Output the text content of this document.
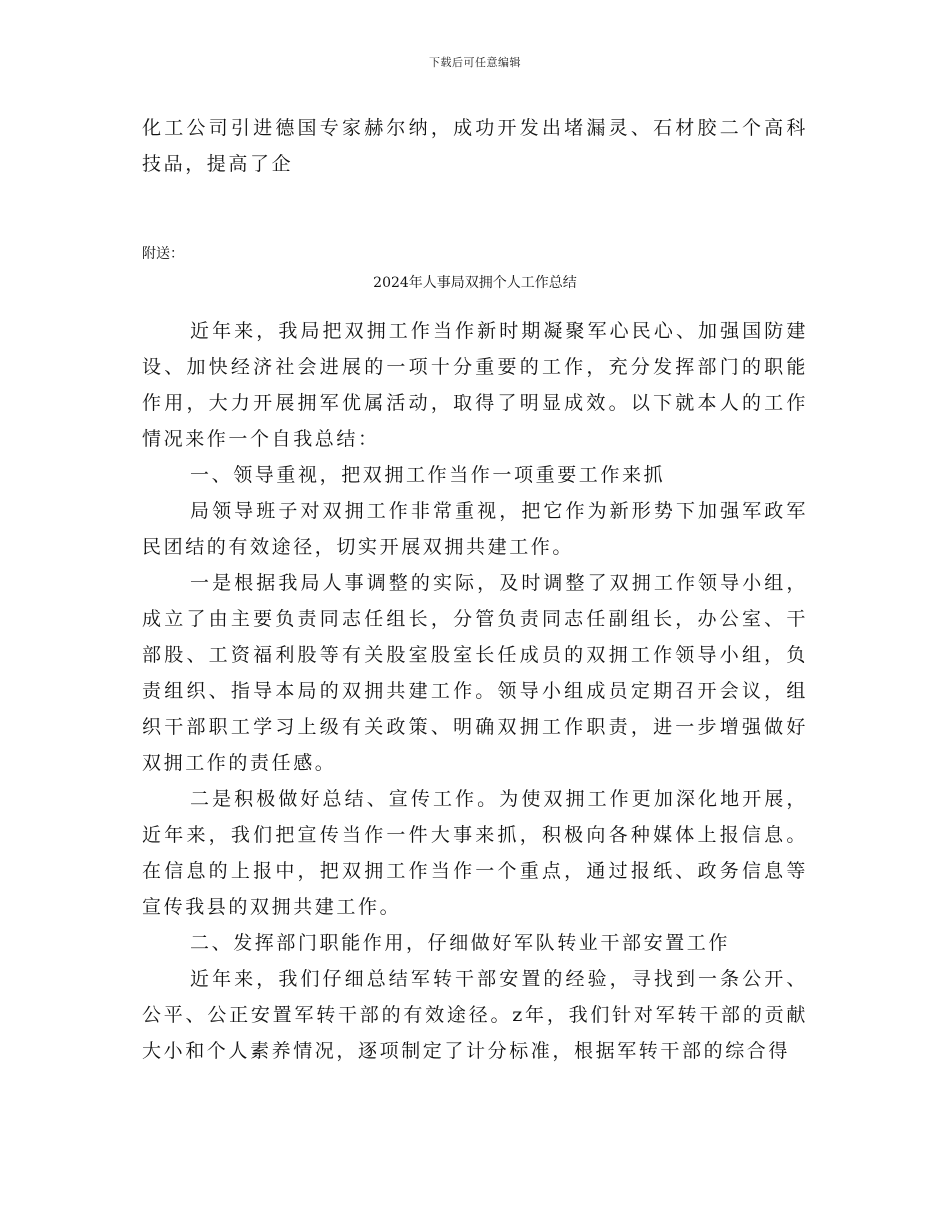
下载后可任意编辑

化工公司引进德国专家赫尔纳，成功开发出堵漏灵、石材胶二个高科技品，提高了企

附送：

2024年人事局双拥个人工作总结

近年来，我局把双拥工作当作新时期凝聚军心民心、加强国防建设、加快经济社会进展的一项十分重要的工作，充分发挥部门的职能作用，大力开展拥军优属活动，取得了明显成效。以下就本人的工作情况来作一个自我总结：

一、领导重视，把双拥工作当作一项重要工作来抓

局领导班子对双拥工作非常重视，把它作为新形势下加强军政军民团结的有效途径，切实开展双拥共建工作。

一是根据我局人事调整的实际，及时调整了双拥工作领导小组，成立了由主要负责同志任组长，分管负责同志任副组长，办公室、干部股、工资福利股等有关股室股室长任成员的双拥工作领导小组，负责组织、指导本局的双拥共建工作。领导小组成员定期召开会议，组织干部职工学习上级有关政策、明确双拥工作职责，进一步增强做好双拥工作的责任感。

二是积极做好总结、宣传工作。为使双拥工作更加深化地开展，近年来，我们把宣传当作一件大事来抓，积极向各种媒体上报信息。在信息的上报中，把双拥工作当作一个重点，通过报纸、政务信息等宣传我县的双拥共建工作。

二、发挥部门职能作用，仔细做好军队转业干部安置工作

近年来，我们仔细总结军转干部安置的经验，寻找到一条公开、公平、公正安置军转干部的有效途径。z年，我们针对军转干部的贡献大小和个人素养情况，逐项制定了计分标准，根据军转干部的综合得
